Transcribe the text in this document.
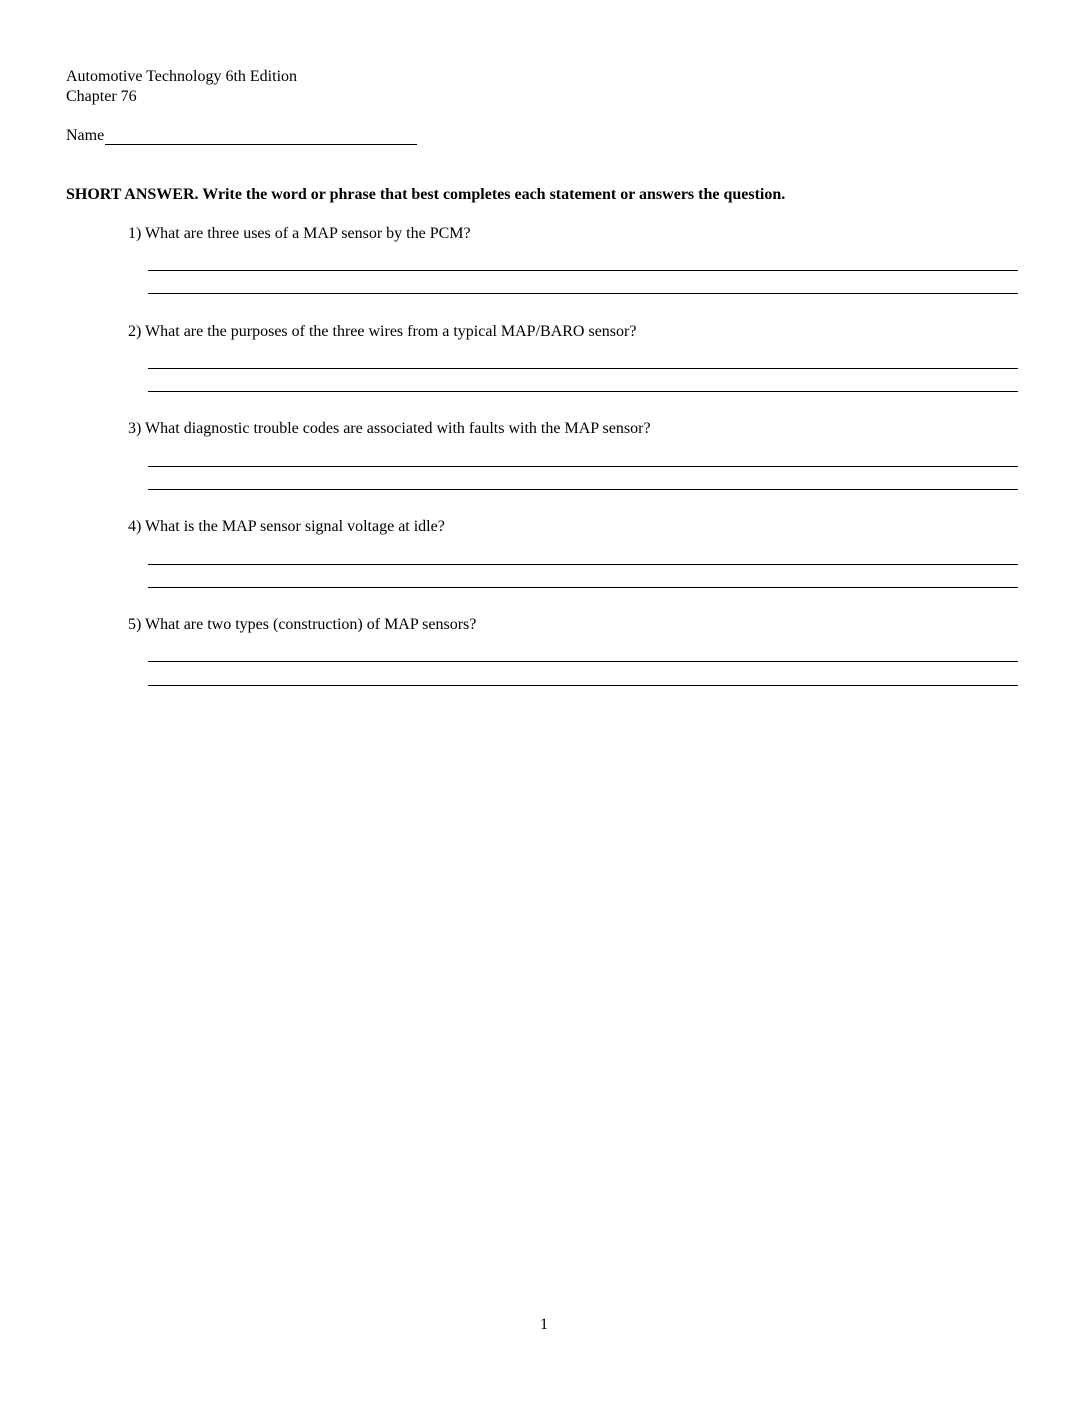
Automotive Technology 6th Edition
Chapter 76
Name
SHORT ANSWER. Write the word or phrase that best completes each statement or answers the question.
1) What are three uses of a MAP sensor by the PCM?
2) What are the purposes of the three wires from a typical MAP/BARO sensor?
3) What diagnostic trouble codes are associated with faults with the MAP sensor?
4) What is the MAP sensor signal voltage at idle?
5) What are two types (construction) of MAP sensors?
1
